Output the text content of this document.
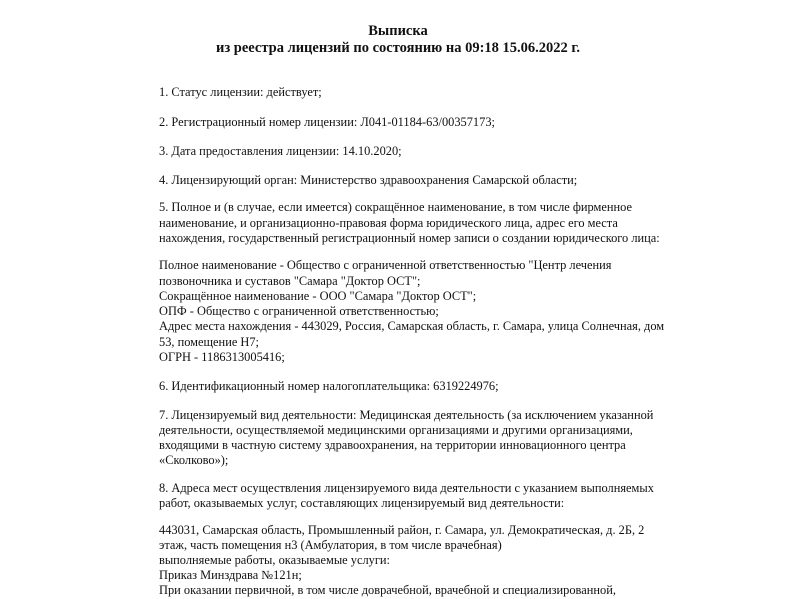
Выписка
из реестра лицензий по состоянию на 09:18 15.06.2022 г.
1. Статус лицензии: действует;
2. Регистрационный номер лицензии: Л041-01184-63/00357173;
3. Дата предоставления лицензии: 14.10.2020;
4. Лицензирующий орган: Министерство здравоохранения Самарской области;
5. Полное и (в случае, если имеется) сокращённое наименование, в том числе фирменное
наименование, и организационно-правовая форма юридического лица, адрес его места
нахождения, государственный регистрационный номер записи о создании юридического лица:
Полное наименование - Общество с ограниченной ответственностью "Центр лечения
позвоночника и суставов "Самара "Доктор ОСТ";
Сокращённое наименование - ООО "Самара "Доктор ОСТ";
ОПФ - Общество с ограниченной ответственностью;
Адрес места нахождения - 443029, Россия, Самарская область, г. Самара, улица Солнечная, дом
53, помещение Н7;
ОГРН - 1186313005416;
6. Идентификационный номер налогоплательщика: 6319224976;
7. Лицензируемый вид деятельности: Медицинская деятельность (за исключением указанной
деятельности, осуществляемой медицинскими организациями и другими организациями,
входящими в частную систему здравоохранения, на территории инновационного центра
«Сколково»);
8. Адреса мест осуществления лицензируемого вида деятельности с указанием выполняемых
работ, оказываемых услуг, составляющих лицензируемый вид деятельности:
443031, Самарская область, Промышленный район, г. Самара, ул. Демократическая, д. 2Б, 2
этаж, часть помещения н3 (Амбулатория, в том числе врачебная)
выполняемые работы, оказываемые услуги:
Приказ Минздрава №121н;
При оказании первичной, в том числе доврачебной, врачебной и специализированной,
